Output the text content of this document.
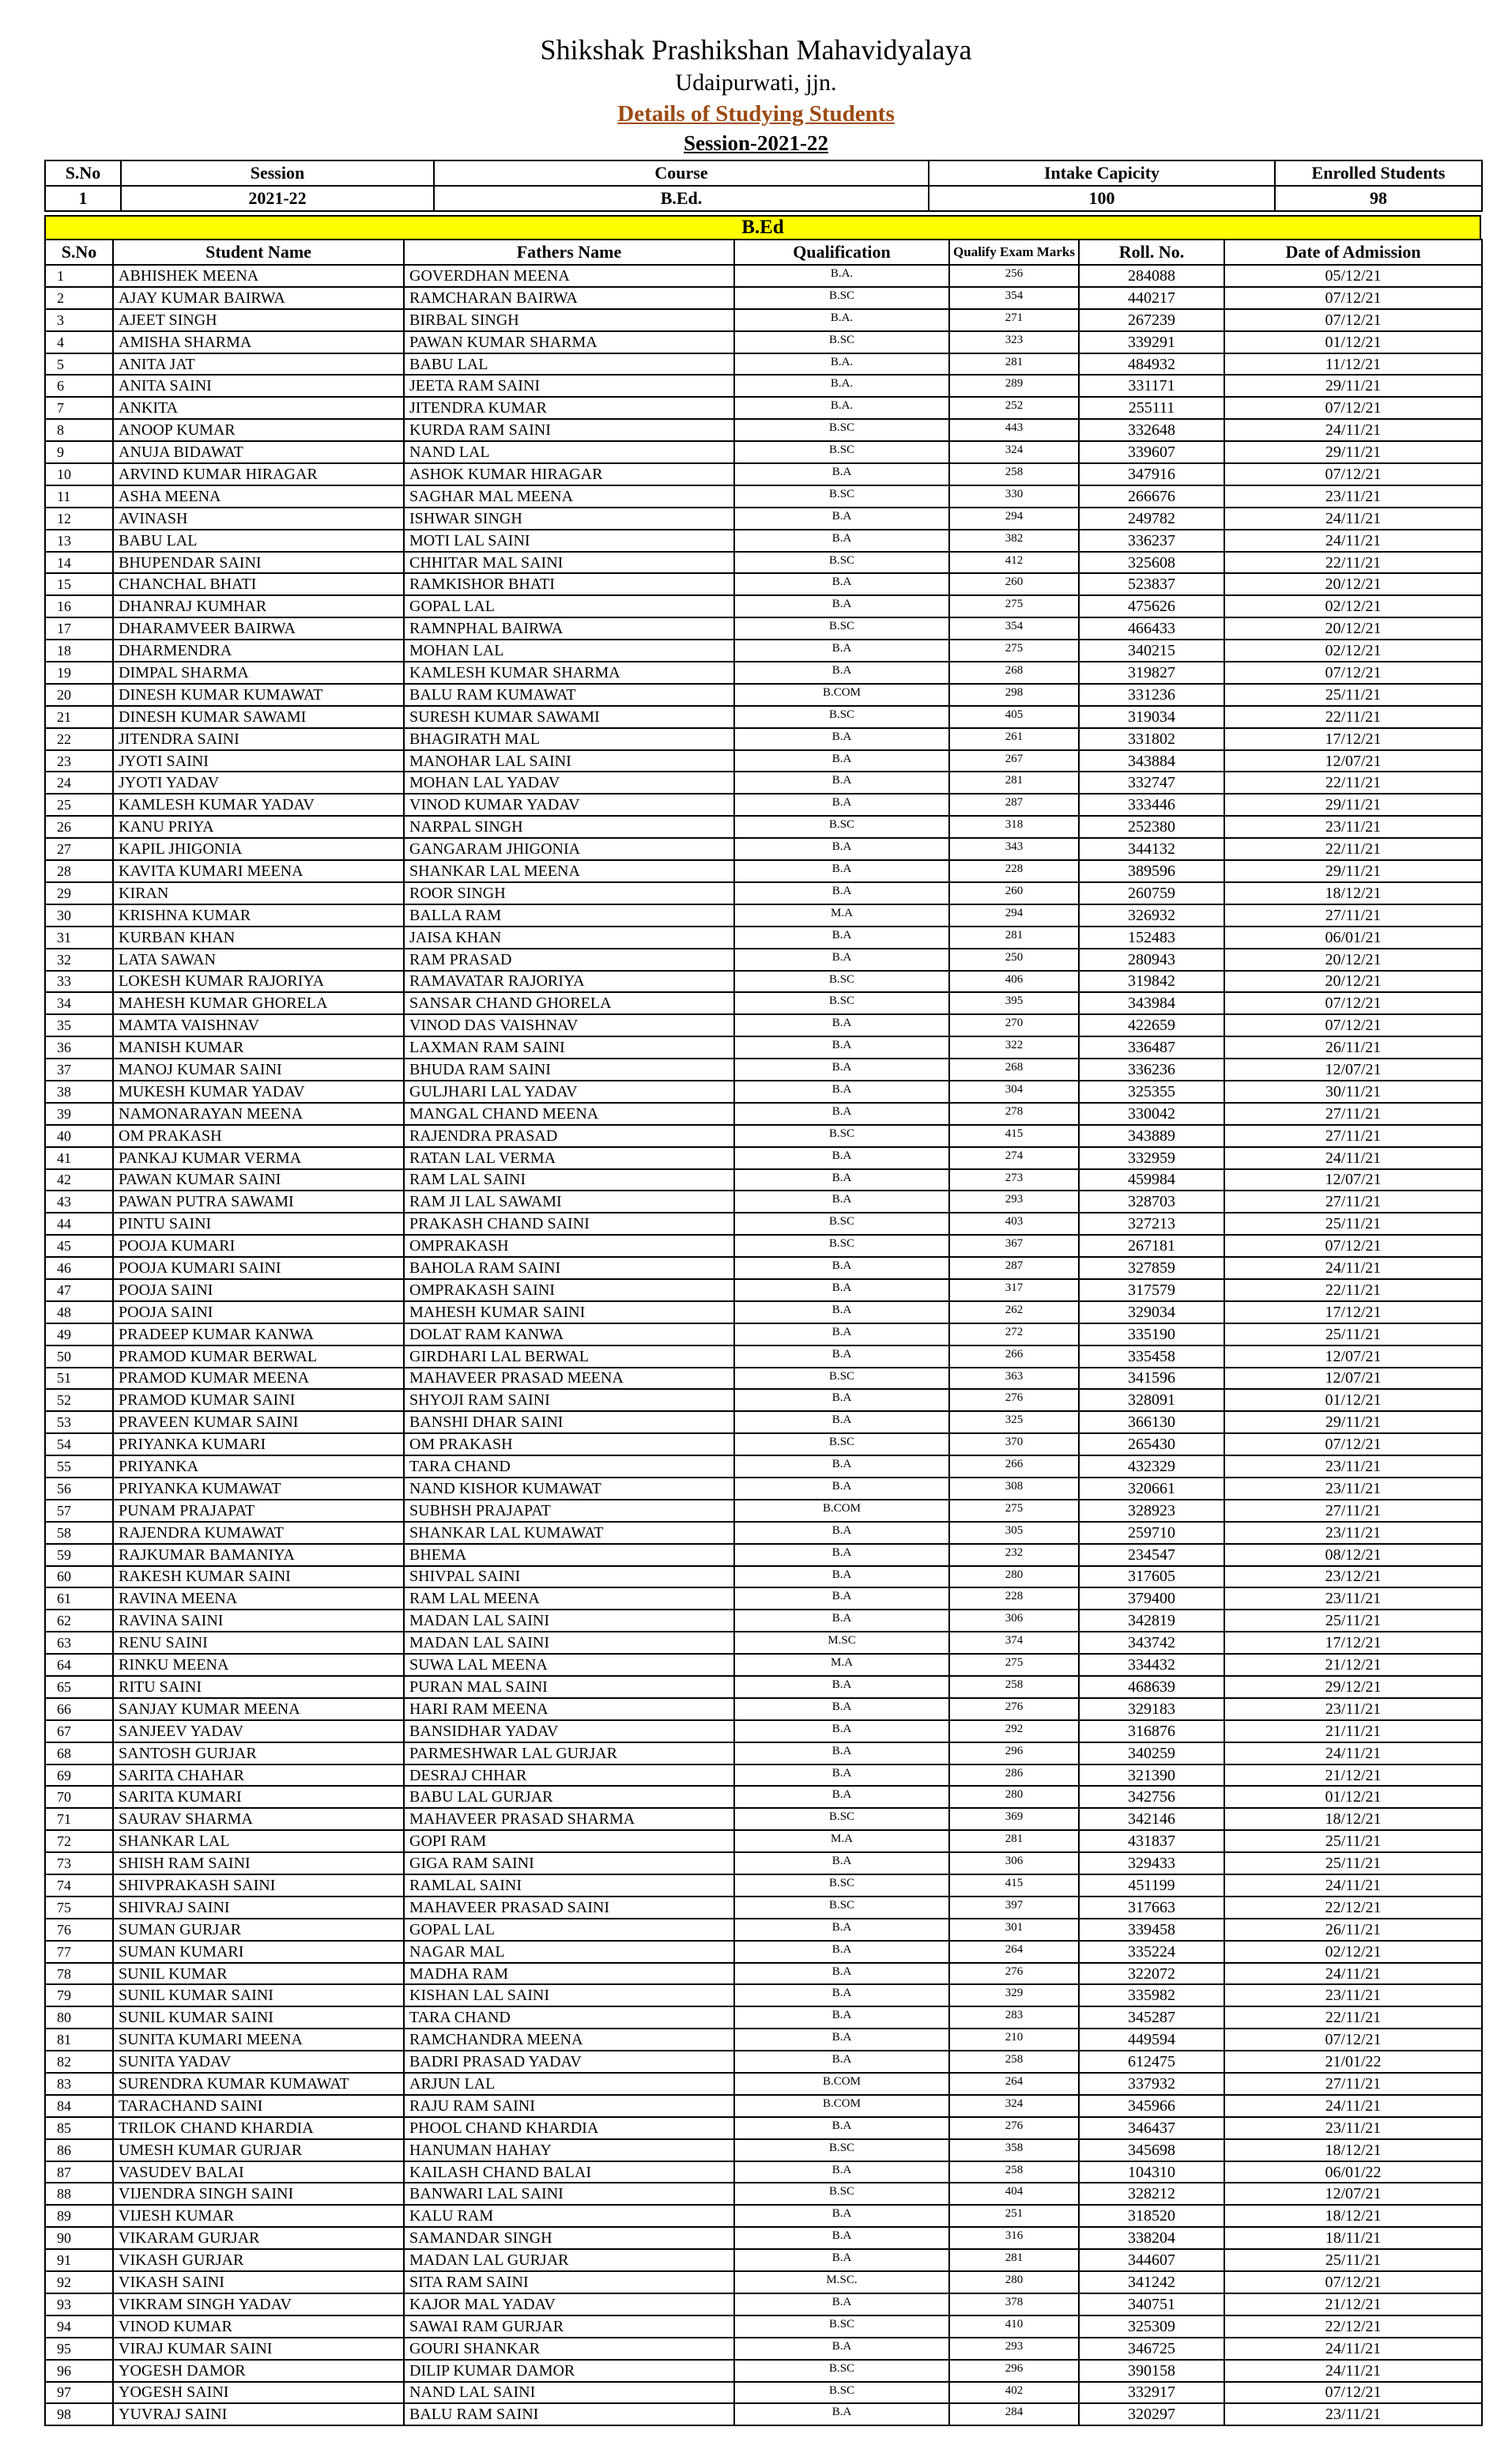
Shikshak Prashikshan Mahavidyalaya
Udaipurwati, jjn.
Details of Studying Students
Session-2021-22
S.No	Session	Course	Intake Capicity	Enrolled Students
1	2021-22	B.Ed.	100	98
B.Ed
S.No	Student Name	Fathers Name	Qualification	Qualify Exam Marks	Roll. No.	Date of Admission
1	ABHISHEK MEENA	GOVERDHAN MEENA	B.A.	256	284088	05/12/21
2	AJAY KUMAR BAIRWA	RAMCHARAN BAIRWA	B.SC	354	440217	07/12/21
3	AJEET SINGH	BIRBAL SINGH	B.A.	271	267239	07/12/21
4	AMISHA SHARMA	PAWAN KUMAR SHARMA	B.SC	323	339291	01/12/21
5	ANITA JAT	BABU LAL	B.A.	281	484932	11/12/21
6	ANITA SAINI	JEETA RAM SAINI	B.A.	289	331171	29/11/21
7	ANKITA	JITENDRA KUMAR	B.A.	252	255111	07/12/21
8	ANOOP KUMAR	KURDA RAM SAINI	B.SC	443	332648	24/11/21
9	ANUJA BIDAWAT	NAND LAL	B.SC	324	339607	29/11/21
10	ARVIND KUMAR HIRAGAR	ASHOK KUMAR HIRAGAR	B.A	258	347916	07/12/21
11	ASHA MEENA	SAGHAR MAL MEENA	B.SC	330	266676	23/11/21
12	AVINASH	ISHWAR SINGH	B.A	294	249782	24/11/21
13	BABU LAL	MOTI LAL SAINI	B.A	382	336237	24/11/21
14	BHUPENDAR SAINI	CHHITAR MAL SAINI	B.SC	412	325608	22/11/21
15	CHANCHAL BHATI	RAMKISHOR BHATI	B.A	260	523837	20/12/21
16	DHANRAJ KUMHAR	GOPAL LAL	B.A	275	475626	02/12/21
17	DHARAMVEER BAIRWA	RAMNPHAL BAIRWA	B.SC	354	466433	20/12/21
18	DHARMENDRA	MOHAN LAL	B.A	275	340215	02/12/21
19	DIMPAL SHARMA	KAMLESH KUMAR SHARMA	B.A	268	319827	07/12/21
20	DINESH KUMAR KUMAWAT	BALU RAM KUMAWAT	B.COM	298	331236	25/11/21
21	DINESH KUMAR SAWAMI	SURESH KUMAR SAWAMI	B.SC	405	319034	22/11/21
22	JITENDRA SAINI	BHAGIRATH MAL	B.A	261	331802	17/12/21
23	JYOTI SAINI	MANOHAR LAL SAINI	B.A	267	343884	12/07/21
24	JYOTI YADAV	MOHAN LAL YADAV	B.A	281	332747	22/11/21
25	KAMLESH KUMAR YADAV	VINOD KUMAR YADAV	B.A	287	333446	29/11/21
26	KANU PRIYA	NARPAL SINGH	B.SC	318	252380	23/11/21
27	KAPIL JHIGONIA	GANGARAM JHIGONIA	B.A	343	344132	22/11/21
28	KAVITA KUMARI MEENA	SHANKAR LAL MEENA	B.A	228	389596	29/11/21
29	KIRAN	ROOR SINGH	B.A	260	260759	18/12/21
30	KRISHNA KUMAR	BALLA RAM	M.A	294	326932	27/11/21
31	KURBAN KHAN	JAISA KHAN	B.A	281	152483	06/01/21
32	LATA SAWAN	RAM PRASAD	B.A	250	280943	20/12/21
33	LOKESH KUMAR RAJORIYA	RAMAVATAR RAJORIYA	B.SC	406	319842	20/12/21
34	MAHESH KUMAR GHORELA	SANSAR CHAND GHORELA	B.SC	395	343984	07/12/21
35	MAMTA VAISHNAV	VINOD DAS VAISHNAV	B.A	270	422659	07/12/21
36	MANISH KUMAR	LAXMAN RAM SAINI	B.A	322	336487	26/11/21
37	MANOJ KUMAR SAINI	BHUDA RAM SAINI	B.A	268	336236	12/07/21
38	MUKESH KUMAR YADAV	GULJHARI LAL YADAV	B.A	304	325355	30/11/21
39	NAMONARAYAN MEENA	MANGAL CHAND MEENA	B.A	278	330042	27/11/21
40	OM PRAKASH	RAJENDRA PRASAD	B.SC	415	343889	27/11/21
41	PANKAJ KUMAR VERMA	RATAN LAL VERMA	B.A	274	332959	24/11/21
42	PAWAN KUMAR SAINI	RAM LAL SAINI	B.A	273	459984	12/07/21
43	PAWAN PUTRA SAWAMI	RAM JI LAL SAWAMI	B.A	293	328703	27/11/21
44	PINTU SAINI	PRAKASH CHAND SAINI	B.SC	403	327213	25/11/21
45	POOJA KUMARI	OMPRAKASH	B.SC	367	267181	07/12/21
46	POOJA KUMARI SAINI	BAHOLA RAM SAINI	B.A	287	327859	24/11/21
47	POOJA SAINI	OMPRAKASH SAINI	B.A	317	317579	22/11/21
48	POOJA SAINI	MAHESH KUMAR SAINI	B.A	262	329034	17/12/21
49	PRADEEP KUMAR KANWA	DOLAT RAM KANWA	B.A	272	335190	25/11/21
50	PRAMOD KUMAR BERWAL	GIRDHARI LAL BERWAL	B.A	266	335458	12/07/21
51	PRAMOD KUMAR MEENA	MAHAVEER PRASAD MEENA	B.SC	363	341596	12/07/21
52	PRAMOD KUMAR SAINI	SHYOJI RAM SAINI	B.A	276	328091	01/12/21
53	PRAVEEN KUMAR SAINI	BANSHI DHAR SAINI	B.A	325	366130	29/11/21
54	PRIYANKA KUMARI	OM PRAKASH	B.SC	370	265430	07/12/21
55	PRIYANKA	TARA CHAND	B.A	266	432329	23/11/21
56	PRIYANKA KUMAWAT	NAND KISHOR KUMAWAT	B.A	308	320661	23/11/21
57	PUNAM PRAJAPAT	SUBHSH PRAJAPAT	B.COM	275	328923	27/11/21
58	RAJENDRA KUMAWAT	SHANKAR LAL KUMAWAT	B.A	305	259710	23/11/21
59	RAJKUMAR BAMANIYA	BHEMA	B.A	232	234547	08/12/21
60	RAKESH KUMAR SAINI	SHIVPAL SAINI	B.A	280	317605	23/12/21
61	RAVINA MEENA	RAM LAL MEENA	B.A	228	379400	23/11/21
62	RAVINA SAINI	MADAN LAL SAINI	B.A	306	342819	25/11/21
63	RENU SAINI	MADAN LAL SAINI	M.SC	374	343742	17/12/21
64	RINKU MEENA	SUWA LAL MEENA	M.A	275	334432	21/12/21
65	RITU SAINI	PURAN MAL SAINI	B.A	258	468639	29/12/21
66	SANJAY KUMAR MEENA	HARI RAM MEENA	B.A	276	329183	23/11/21
67	SANJEEV YADAV	BANSIDHAR YADAV	B.A	292	316876	21/11/21
68	SANTOSH GURJAR	PARMESHWAR LAL GURJAR	B.A	296	340259	24/11/21
69	SARITA CHAHAR	DESRAJ CHHAR	B.A	286	321390	21/12/21
70	SARITA KUMARI	BABU LAL GURJAR	B.A	280	342756	01/12/21
71	SAURAV SHARMA	MAHAVEER PRASAD SHARMA	B.SC	369	342146	18/12/21
72	SHANKAR LAL	GOPI RAM	M.A	281	431837	25/11/21
73	SHISH RAM SAINI	GIGA RAM SAINI	B.A	306	329433	25/11/21
74	SHIVPRAKASH SAINI	RAMLAL SAINI	B.SC	415	451199	24/11/21
75	SHIVRAJ SAINI	MAHAVEER PRASAD SAINI	B.SC	397	317663	22/12/21
76	SUMAN GURJAR	GOPAL LAL	B.A	301	339458	26/11/21
77	SUMAN KUMARI	NAGAR MAL	B.A	264	335224	02/12/21
78	SUNIL KUMAR	MADHA RAM	B.A	276	322072	24/11/21
79	SUNIL KUMAR SAINI	KISHAN LAL SAINI	B.A	329	335982	23/11/21
80	SUNIL KUMAR SAINI	TARA CHAND	B.A	283	345287	22/11/21
81	SUNITA KUMARI MEENA	RAMCHANDRA MEENA	B.A	210	449594	07/12/21
82	SUNITA YADAV	BADRI PRASAD YADAV	B.A	258	612475	21/01/22
83	SURENDRA KUMAR KUMAWAT	ARJUN LAL	B.COM	264	337932	27/11/21
84	TARACHAND SAINI	RAJU RAM SAINI	B.COM	324	345966	24/11/21
85	TRILOK CHAND KHARDIA	PHOOL CHAND KHARDIA	B.A	276	346437	23/11/21
86	UMESH KUMAR GURJAR	HANUMAN HAHAY	B.SC	358	345698	18/12/21
87	VASUDEV BALAI	KAILASH CHAND BALAI	B.A	258	104310	06/01/22
88	VIJENDRA SINGH SAINI	BANWARI LAL SAINI	B.SC	404	328212	12/07/21
89	VIJESH KUMAR	KALU RAM	B.A	251	318520	18/12/21
90	VIKARAM GURJAR	SAMANDAR SINGH	B.A	316	338204	18/11/21
91	VIKASH GURJAR	MADAN LAL GURJAR	B.A	281	344607	25/11/21
92	VIKASH SAINI	SITA RAM SAINI	M.SC.	280	341242	07/12/21
93	VIKRAM SINGH YADAV	KAJOR MAL YADAV	B.A	378	340751	21/12/21
94	VINOD KUMAR	SAWAI RAM GURJAR	B.SC	410	325309	22/12/21
95	VIRAJ KUMAR SAINI	GOURI SHANKAR	B.A	293	346725	24/11/21
96	YOGESH DAMOR	DILIP KUMAR DAMOR	B.SC	296	390158	24/11/21
97	YOGESH SAINI	NAND LAL SAINI	B.SC	402	332917	07/12/21
98	YUVRAJ SAINI	BALU RAM SAINI	B.A	284	320297	23/11/21
